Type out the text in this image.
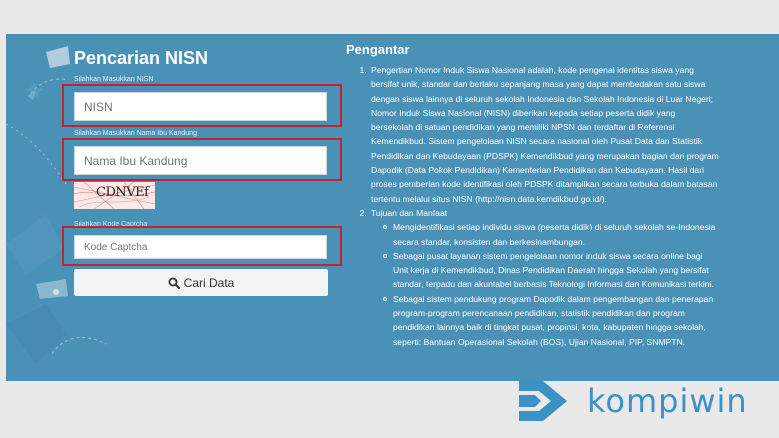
Pencarian NISN
Silahkan Masukkan NISN
NISN
Silahkan Masukkan Nama Ibu Kandung
Nama Ibu Kandung
CDNVEf
Silahkan Kode Captcha
Kode Captcha
Cari Data
Pengantar
1. Pengertian Nomor Induk Siswa Nasional adalah, kode pengenal identitas siswa yang bersifat unik, standar dan berlaku sepanjang masa yang dapat membedakan satu siswa dengan siswa lainnya di seluruh sekolah Indonesia dan Sekolah Indonesia di Luar Negeri; Nomor Induk Siswa Nasional (NISN) diberikan kepada setiap peserta didik yang bersekolah di satuan pendidikan yang memiliki NPSN dan terdaftar di Referensi Kemendikbud. Sistem pengelolaan NISN secara nasional oleh Pusat Data dan Statistik Pendidikan dan Kebudayaan (PDSPK) Kemendikbud yang merupakan bagian dari program Dapodik (Data Pokok Pendidikan) Kementerian Pendidikan dan Kebudayaan. Hasil dari proses pemberian kode identifikasi oleh PDSPK ditampilkan secara terbuka dalam batasan tertentu melalui situs NISN (http://nisn.data.kemdikbud.go.id/).
2. Tujuan dan Manfaat
Mengidentifikasi setiap individu siswa (peserta didik) di seluruh sekolah se-Indonesia secara standar, konsisten dan berkesinambungan.
Sebagai pusat layanan sistem pengelolaan nomor induk siswa secara online bagi Unit kerja di Kemendikbud, Dinas Pendidikan Daerah hingga Sekolah yang bersifat standar, terpadu dan akuntabel berbasis Teknologi Informasi dan Komunikasi terkini.
Sebagai sistem pendukung program Dapodik dalam pengembangan dan penerapan program-program perencanaan pendidikan, statistik pendidikan dan program pendidikan lainnya baik di tingkat pusat, propinsi, kota, kabupaten hingga sekolah, seperti: Bantuan Operasional Sekolah (BOS), Ujian Nasional, PIP, SNMPTN.
kompiwin
